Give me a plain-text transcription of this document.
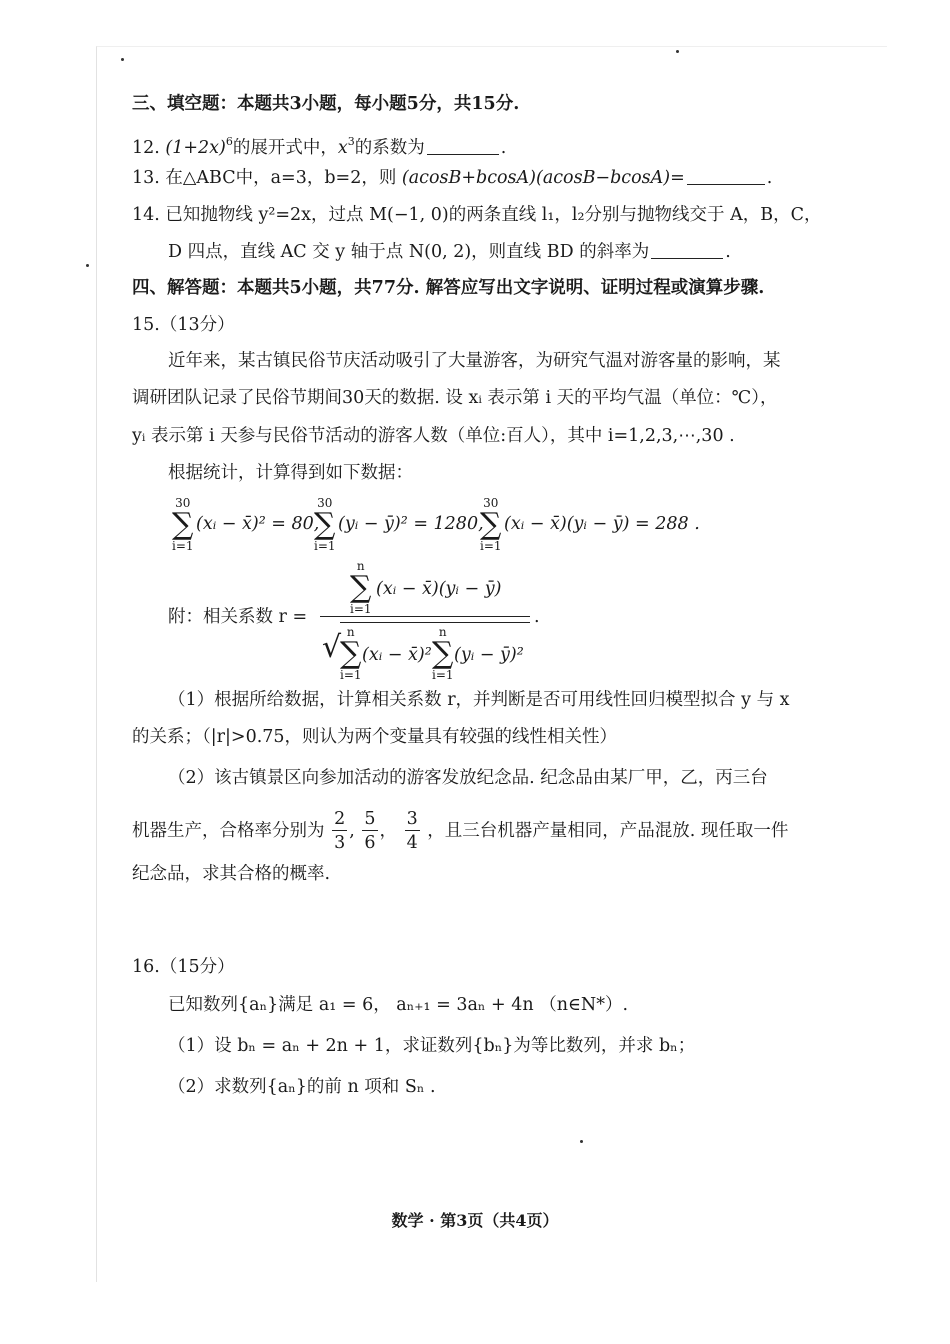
三、填空题：本题共3小题，每小题5分，共15分.
12. $(1+2x)^6$的展开式中，$x^3$的系数为	.
13. 在△ABC中，a=3，b=2，则 (acosB+bcosA)(acosB−bcosA)=	.
14. 已知抛物线 y²=2x，过点 M(−1, 0)的两条直线 l₁，l₂分别与抛物线交于 A，B，C，
D 四点，直线 AC 交 y 轴于点 N(0, 2)，则直线 BD 的斜率为	.
四、解答题：本题共5小题，共77分. 解答应写出文字说明、证明过程或演算步骤.
15.（13分）
近年来，某古镇民俗节庆活动吸引了大量游客，为研究气温对游客量的影响，某
调研团队记录了民俗节期间30天的数据. 设 xᵢ 表示第 i 天的平均气温（单位：℃），
yᵢ 表示第 i 天参与民俗节活动的游客人数（单位:百人），其中 i=1,2,3,⋯,30 .
根据统计，计算得到如下数据：
30
∑
i=1
(xᵢ − x̄)² = 80,
30
∑
i=1
(yᵢ − ȳ)² = 1280,
30
∑
i=1
(xᵢ − x̄)(yᵢ − ȳ) = 288 .
附：相关系数 r =
n
∑
i=1
(xᵢ − x̄)(yᵢ − ȳ)
√ n
∑
i=1
(xᵢ − x̄)²
n
∑
i=1
(yᵢ − ȳ)²
.
（1）根据所给数据，计算相关系数 r，并判断是否可用线性回归模型拟合 y 与 x
的关系；（|r|>0.75，则认为两个变量具有较强的线性相关性）
（2）该古镇景区向参加活动的游客发放纪念品. 纪念品由某厂甲，乙，丙三台
机器生产，合格率分别为 $\frac{2}{3}$ , $\frac{5}{6}$ ， $\frac{3}{4}$ ，且三台机器产量相同，产品混放. 现任取一件
纪念品，求其合格的概率.
16.（15分）
已知数列{aₙ}满足 a₁ = 6， aₙ₊₁ = 3aₙ + 4n （n∈N*）.
（1）设 bₙ = aₙ + 2n + 1，求证数列{bₙ}为等比数列，并求 bₙ；
（2）求数列{aₙ}的前 n 项和 Sₙ .
数学 · 第3页（共4页）
